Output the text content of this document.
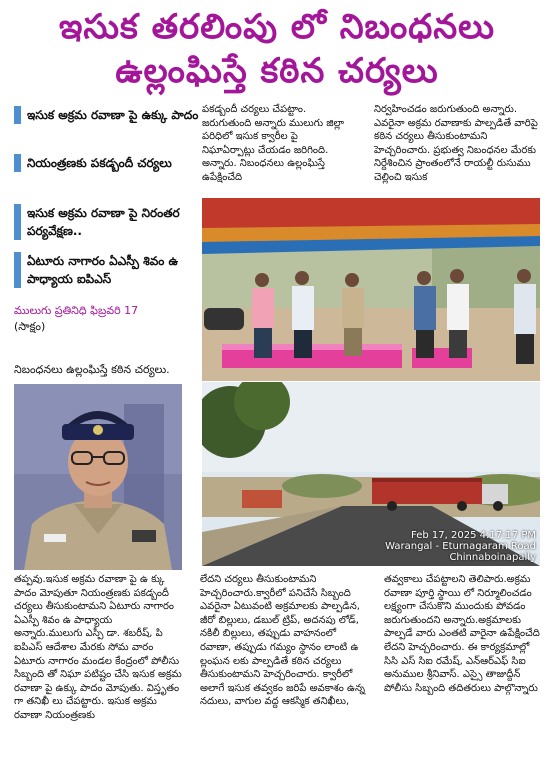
ఇసుక తరలింపు లో నిబంధనలు
ఉల్లంఘిస్తే కఠిన చర్యలు
ఇసుక అక్రమ రవాణా పై ఉక్కు పాదం
నియంత్రణకు పకడ్బందీ చర్యలు
ఇసుక అక్రమ రవాణా పై నిరంతర పర్యవేక్షణ..
ఏటూరు నాగారం ఏఎస్పీ శివం ఉ పాధ్యాయ ఐపిఎస్
ములుగు ప్రతినిధి ఫిబ్రవరి 17
(సాక్షం)
నిబంధనలు ఉల్లంఘిస్తే కఠిన చర్యలు.
పకడ్బందీ చర్యలు చేపట్టాం. జరుగుతుంది అన్నారు ములుగు జిల్లా పరిధిలో ఇసుక క్వారీల పై నిఘాఏర్పాట్లు చేయడం జరిగింది. అన్నారు. నిబంధనలు ఉల్లంఘిస్తే ఉపేక్షించేది
నిర్వహించడం జరుగుతుంది అన్నారు. ఎవరైనా అక్రమ రవాణాకు పాల్పడితే వారిపై కఠిన చర్యలు తీసుకుంటామని హెచ్చరించారు. ప్రభుత్వ నిబంధనల మేరకు నిర్దేశించిన ప్రాంతంలోనే రాయల్టీ రుసుము చెల్లించి ఇసుక
Feb 17, 2025 4:17:17 PM
Warangal - Eturnagaram Road
Chinnaboinapally
తప్పవు.ఇసుక అక్రమ రవాణా పై ఉ క్కు పాదం మోపుతూ నియంత్రణకు పకడ్బందీ చర్యలు తీసుకుంటామని ఏటూరు నాగారం ఏఎస్పీ శివం ఉ పాధ్యాయ అన్నారు.ములుగు ఎస్పీ డా. శబరీష్, పి ఐపిఎస్ ఆదేశాల మేరకు సోమ వారం ఏటూరు నాగారం మండల కేంద్రంలో పోలీసు సిబ్బంది తో నిఘా పటిష్టం చేసి ఇసుక అక్రమ రవాణా పై ఉక్కు పాదం మోపుతు. విస్తృతం గా తనిఖీ లు చేపట్టారు. ఇసుక అక్రమ రవాణా నియంత్రణకు
లేదని చర్యలు తీసుకుంటామని హెచ్చరించారు.క్వారీలో పనిచేసే సిబ్బంది ఎవరైనా ఏటువంటి అక్రమాలకు పాల్పడిన, జీరో బిల్లులు, డబుల్ ట్రిప్, అదనపు లోడ్, నకిలీ బిల్లులు, తప్పుడు వాహనంలో రవాణా, తప్పుడు గమ్యం స్థానం లాంటి ఉ ల్లంఘన లకు పాల్పడితే కఠిన చర్యలు తీసుకుంటామని హెచ్చరించారు. క్వారీలో అలాగే ఇసుక తవ్వకం జరిపే అవకాశం ఉన్న నదులు, వాగుల వద్ద ఆకస్మిక తనిఖీలు,
తవ్వకాలు చేపట్టాలని తెలిపారు.అక్రమ రవాణా పూర్తి స్థాయి లో నిర్మూలించడం లక్ష్యంగా చేసుకొని ముందుకు పోవడం జరుగుతుందని అన్నారు.అక్రమాలకు పాల్పడే వారు ఎంతటి వారైనా ఉపేక్షించేది లేదని హెచ్చరించారు. ఈ కార్యక్రమాల్లో సిసి ఎస్ సిఐ రమేష్, ఎన్ఆర్ఎఫ్ సిఐ అనుముల శ్రీనివాస్. ఎస్సై తాజుద్దీన్ పోలీసు సిబ్బంది తదితరులు పాల్గొన్నారు
